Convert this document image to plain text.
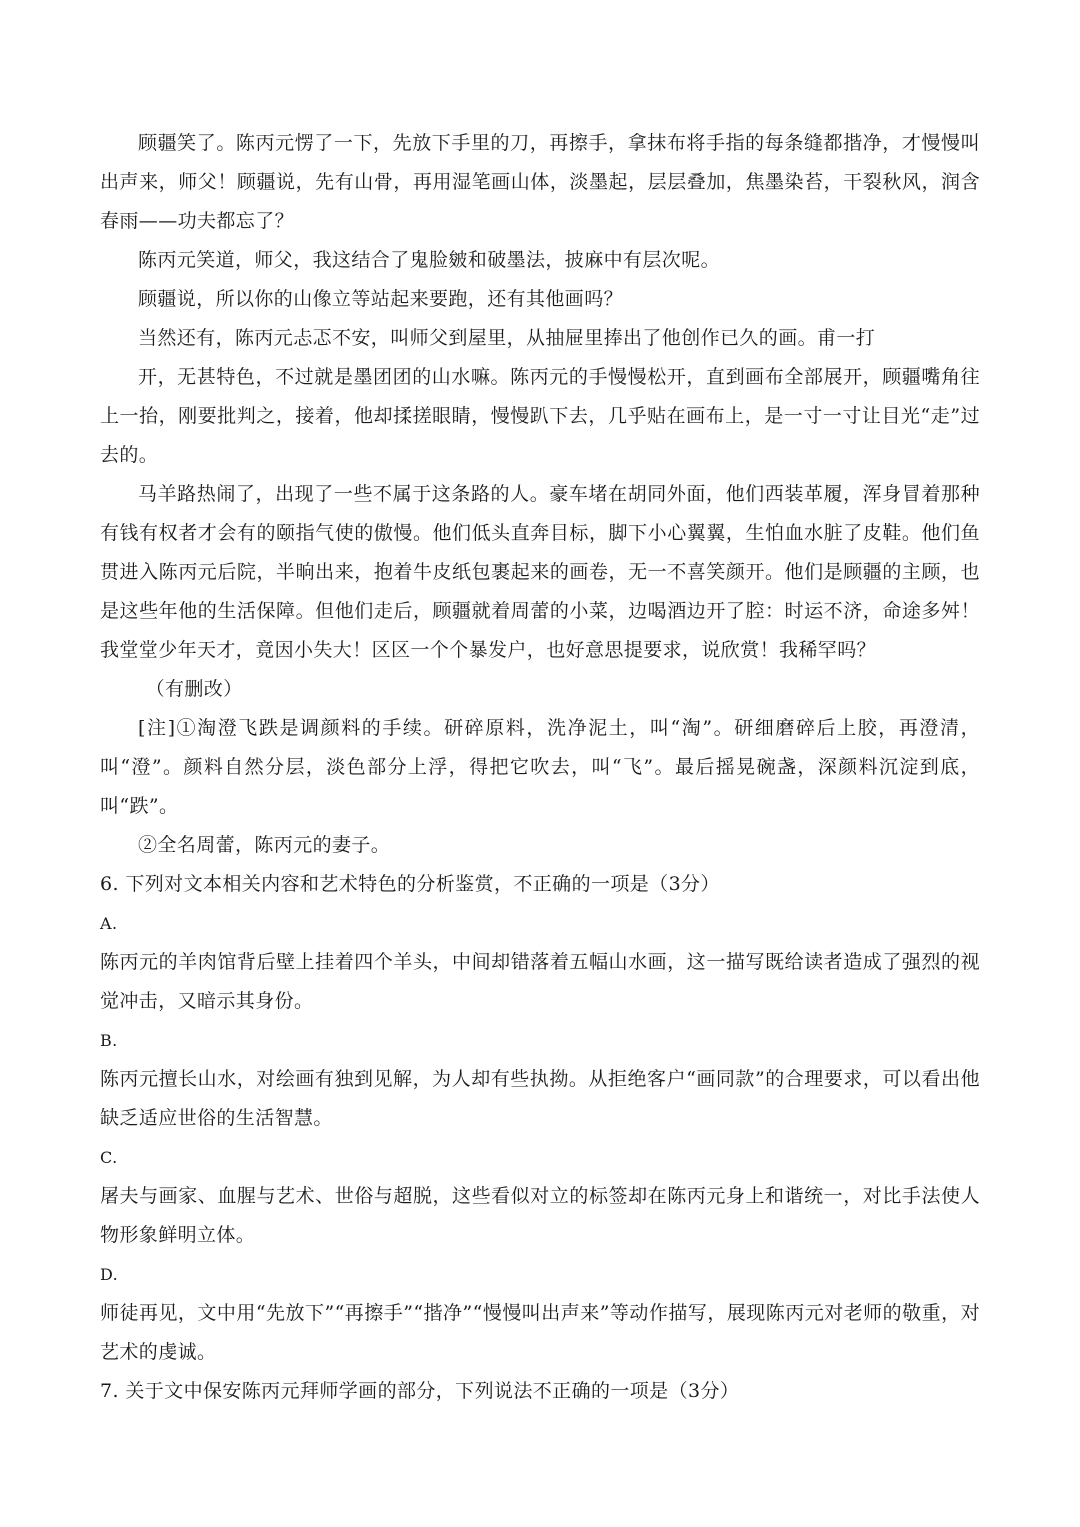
顾疆笑了。陈丙元愣了一下，先放下手里的刀，再擦手，拿抹布将手指的每条缝都揩净，才慢慢叫出声来，师父！顾疆说，先有山骨，再用湿笔画山体，淡墨起，层层叠加，焦墨染苔，干裂秋风，润含春雨——功夫都忘了？

陈丙元笑道，师父，我这结合了鬼脸皴和破墨法，披麻中有层次呢。

顾疆说，所以你的山像立等站起来要跑，还有其他画吗？

当然还有，陈丙元忐忑不安，叫师父到屋里，从抽屉里捧出了他创作已久的画。甫一打

开，无甚特色，不过就是墨团团的山水嘛。陈丙元的手慢慢松开，直到画布全部展开，顾疆嘴角往上一抬，刚要批判之，接着，他却揉搓眼睛，慢慢趴下去，几乎贴在画布上，是一寸一寸让目光“走”过去的。

马羊路热闹了，出现了一些不属于这条路的人。豪车堵在胡同外面，他们西装革履，浑身冒着那种有钱有权者才会有的颐指气使的傲慢。他们低头直奔目标，脚下小心翼翼，生怕血水脏了皮鞋。他们鱼贯进入陈丙元后院，半晌出来，抱着牛皮纸包裹起来的画卷，无一不喜笑颜开。他们是顾疆的主顾，也是这些年他的生活保障。但他们走后，顾疆就着周蕾的小菜，边喝酒边开了腔：时运不济，命途多舛！我堂堂少年天才，竟因小失大！区区一个个暴发户，也好意思提要求，说欣赏！我稀罕吗？

（有删改）

[注]①淘澄飞跌是调颜料的手续。研碎原料，洗净泥土，叫“淘”。研细磨碎后上胶，再澄清，叫“澄”。颜料自然分层，淡色部分上浮，得把它吹去，叫“飞”。最后摇晃碗盏，深颜料沉淀到底，叫“跌”。

②全名周蕾，陈丙元的妻子。

6. 下列对文本相关内容和艺术特色的分析鉴赏，不正确的一项是（3分）

A.

陈丙元的羊肉馆背后壁上挂着四个羊头，中间却错落着五幅山水画，这一描写既给读者造成了强烈的视觉冲击，又暗示其身份。

B.

陈丙元擅长山水，对绘画有独到见解，为人却有些执拗。从拒绝客户“画同款”的合理要求，可以看出他缺乏适应世俗的生活智慧。

C.

屠夫与画家、血腥与艺术、世俗与超脱，这些看似对立的标签却在陈丙元身上和谐统一，对比手法使人物形象鲜明立体。

D.

师徒再见，文中用“先放下”“再擦手”“揩净”“慢慢叫出声来”等动作描写，展现陈丙元对老师的敬重，对艺术的虔诚。

7. 关于文中保安陈丙元拜师学画的部分，下列说法不正确的一项是（3分）
